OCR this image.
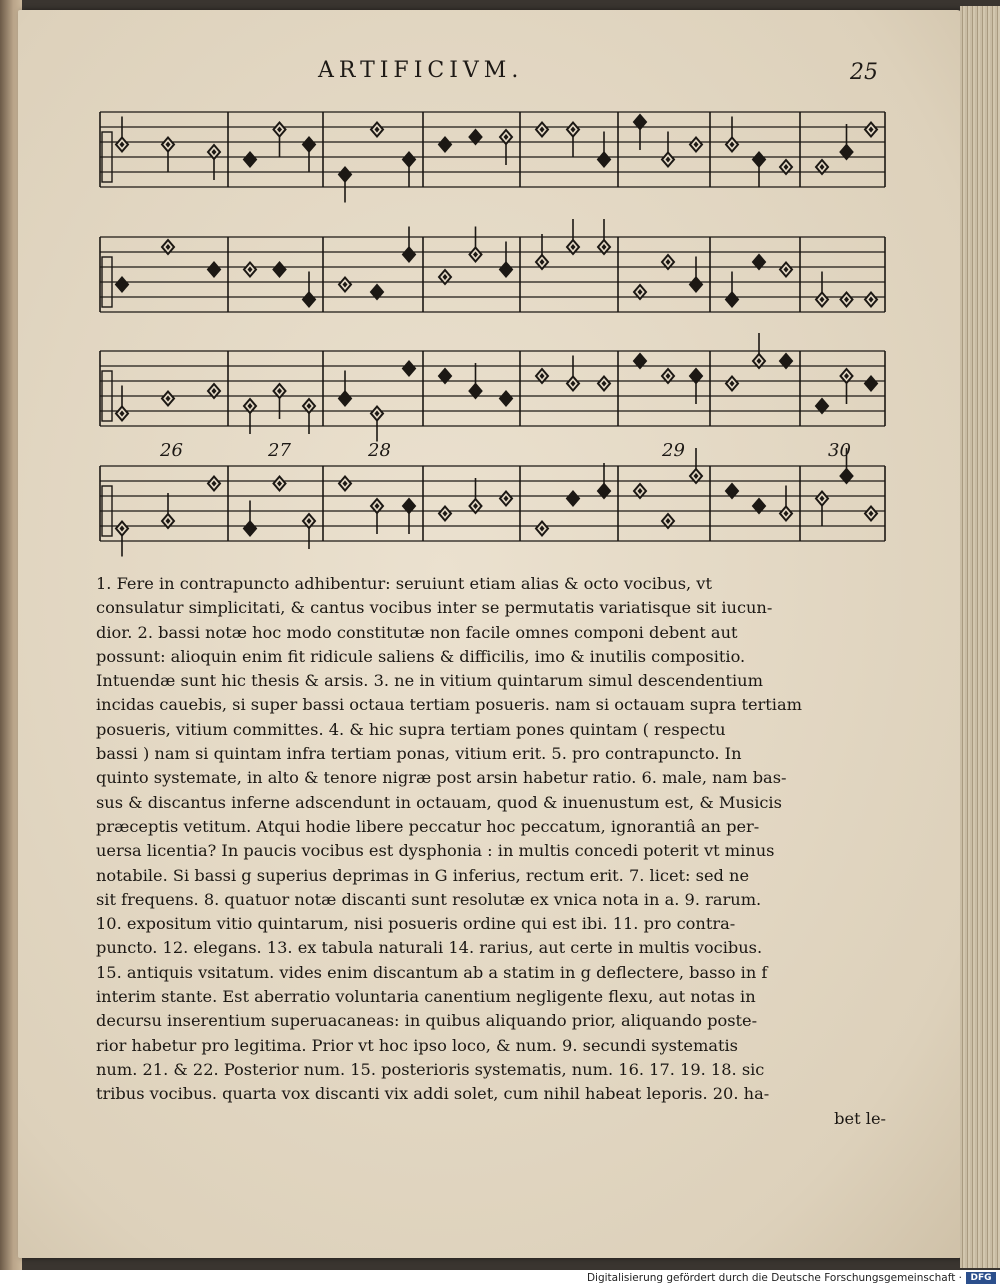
ARTIFICIVM.	25
26	27	28	29	30
1. Fere in contrapuncto adhibentur: seruiunt etiam alias & octo vocibus, vt
consulatur simplicitati, & cantus vocibus inter se permutatis variatisque sit iucun-
dior. 2. bassi notæ hoc modo constitutæ non facile omnes componi debent aut
possunt: alioquin enim fit ridicule saliens & difficilis, imo & inutilis compositio.
Intuendæ sunt hic thesis & arsis. 3. ne in vitium quintarum simul descendentium
incidas cauebis, si super bassi octaua tertiam posueris. nam si octauam supra tertiam
posueris, vitium committes. 4. & hic supra tertiam pones quintam ( respectu
bassi ) nam si quintam infra tertiam ponas, vitium erit. 5. pro contrapuncto. In
quinto systemate, in alto & tenore nigræ post arsin habetur ratio. 6. male, nam bas-
sus & discantus inferne adscendunt in octauam, quod & inuenustum est, & Musicis
præceptis vetitum. Atqui hodie libere peccatur hoc peccatum, ignorantiâ an per-
uersa licentia? In paucis vocibus est dysphonia : in multis concedi poterit vt minus
notabile. Si bassi g superius deprimas in G inferius, rectum erit. 7. licet: sed ne
sit frequens. 8. quatuor notæ discanti sunt resolutæ ex vnica nota in a. 9. rarum.
10. expositum vitio quintarum, nisi posueris ordine qui est ibi. 11. pro contra-
puncto. 12. elegans. 13. ex tabula naturali 14. rarius, aut certe in multis vocibus.
15. antiquis vsitatum. vides enim discantum ab a statim in g deflectere, basso in f
interim stante. Est aberratio voluntaria canentium negligente flexu, aut notas in
decursu inserentium superuacaneas: in quibus aliquando prior, aliquando poste-
rior habetur pro legitima. Prior vt hoc ipso loco, & num. 9. secundi systematis
num. 21. & 22. Posterior num. 15. posterioris systematis, num. 16. 17. 19. 18. sic
tribus vocibus. quarta vox discanti vix addi solet, cum nihil habeat leporis. 20. ha-
bet le-
Digitalisierung gefördert durch die Deutsche Forschungsgemeinschaft · DFG
